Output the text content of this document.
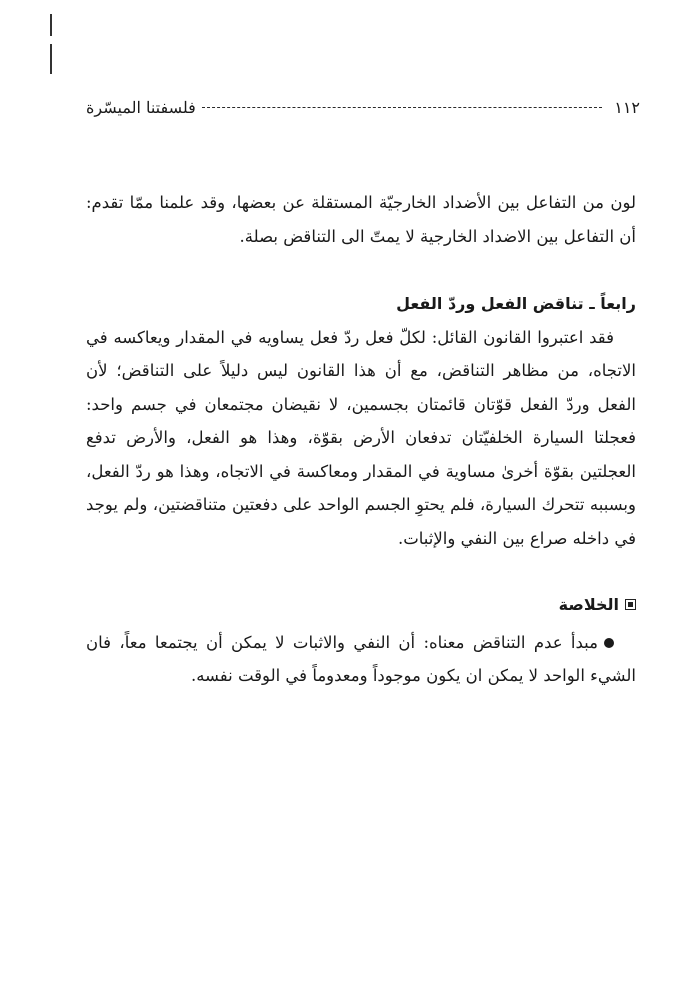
١١٢
فلسفتنا الميسّرة

لون من التفاعل بين الأضداد الخارجيّة المستقلة عن بعضها، وقد علمنا ممّا تقدم: أن التفاعل بين الاضداد الخارجية لا يمتّ الى التناقض بصلة.

رابعاً ـ تناقض الفعل وردّ الفعل

فقد اعتبروا القانون القائل: لكلّ فعل ردّ فعل يساويه في المقدار ويعاكسه في الاتجاه، من مظاهر التناقض، مع أن هذا القانون ليس دليلاً على التناقض؛ لأن الفعل وردّ الفعل قوّتان قائمتان بجسمين، لا نقيضان مجتمعان في جسم واحد: فعجلتا السيارة الخلفيّتان تدفعان الأرض بقوّة، وهذا هو الفعل، والأرض تدفع العجلتين بقوّة أخرىٰ مساوية في المقدار ومعاكسة في الاتجاه، وهذا هو ردّ الفعل، وبسببه تتحرك السيارة، فلم يحتوِ الجسم الواحد على دفعتين متناقضتين، ولم يوجد في داخله صراع بين النفي والإثبات.

الخلاصة

مبدأ عدم التناقض معناه: أن النفي والاثبات لا يمكن أن يجتمعا معاً، فان الشيء الواحد لا يمكن ان يكون موجوداً ومعدوماً في الوقت نفسه.
